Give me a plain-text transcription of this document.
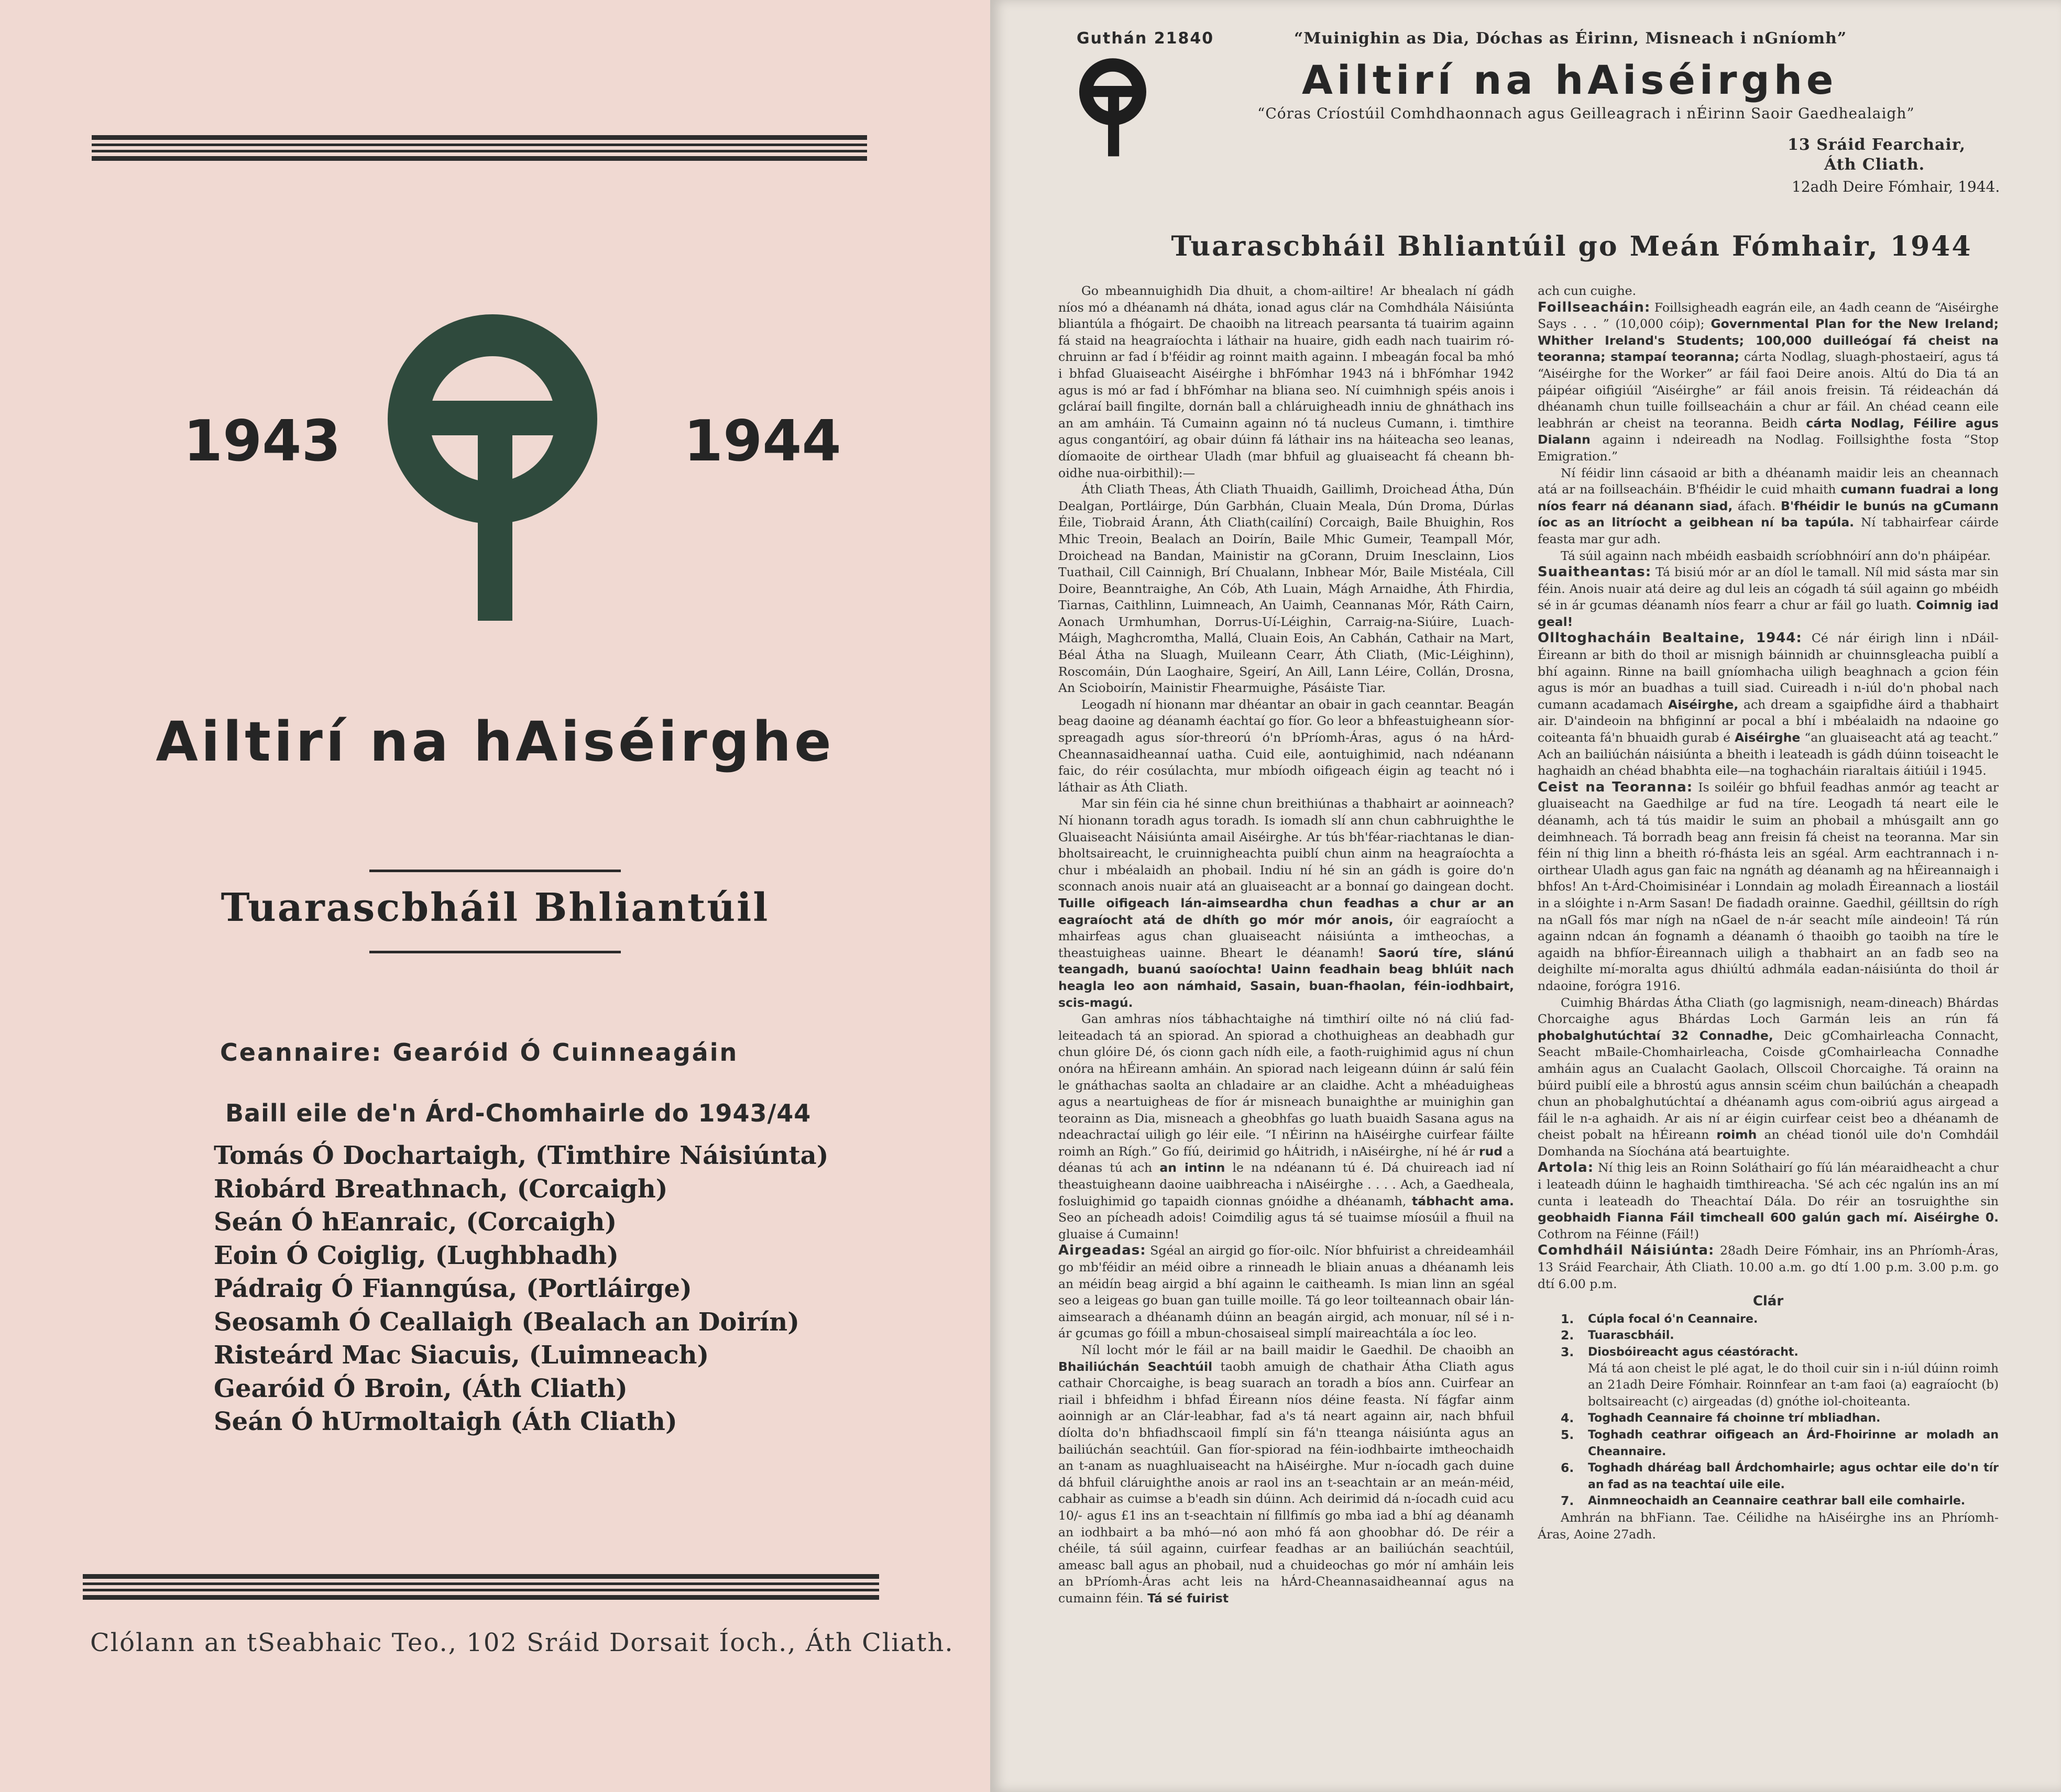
1943	1944
Ailtirí na hAiséirghe
Tuarascbháil Bhliantúil
Ceannaire: Gearóid Ó Cuinneagáin
Baill eile de'n Árd-Chomhairle do 1943/44
Tomás Ó Dochartaigh, (Timthire Náisiúnta)
Riobárd Breathnach, (Corcaigh)
Seán Ó hEanraic, (Corcaigh)
Eoin Ó Coiglig, (Lughbhadh)
Pádraig Ó Fianngúsa, (Portláirge)
Seosamh Ó Ceallaigh (Bealach an Doirín)
Risteárd Mac Siacuis, (Luimneach)
Gearóid Ó Broin, (Áth Cliath)
Seán Ó hUrmoltaigh (Áth Cliath)
Clólann an tSeabhaic Teo., 102 Sráid Dorsait Íoch., Áth Cliath.
Guthán 21840	“Muinighin as Dia, Dóchas as Éirinn, Misneach i nGníomh”
Ailtirí na hAiséirghe
“Córas Críostúil Comhdhaonnach agus Geilleagrach i nÉirinn Saoir Gaedhealaigh”
13 Sráid Fearchair,
Áth Cliath.
12adh Deire Fómhair, 1944.
Tuarascbháil Bhliantúil go Meán Fómhair, 1944

Go mbeannuighidh Dia dhuit, a chom-ailtire! Ar bhealach ní gádh níos mó a dhéanamh ná dháta, ionad agus clár na Comhdhála Náisiúnta bliantúla a fhógairt. De chaoibh na litreach pearsanta tá tuairim againn fá staid na heagraíochta i láthair na huaire, gidh eadh nach tuairim ró-chruinn ar fad í b'féidir ag roinnt maith againn. I mbeagán focal ba mhó i bhfad Gluaiseacht Aiséirghe i bhFómhar 1943 ná i bhFómhar 1942 agus is mó ar fad í bhFómhar na bliana seo. Ní cuimhnigh spéis anois i gcláraí baill fingilte, dornán ball a chláruigheadh inniu de ghnáthach ins an am amháin. Tá Cumainn againn nó tá nucleus Cumann, i. timthire agus congantóirí, ag obair dúinn fá láthair ins na háiteacha seo leanas, díomaoite de oirthear Uladh (mar bhfuil ag gluaiseacht fá cheann bh-oidhe nua-oirbithil):—

Áth Cliath Theas, Áth Cliath Thuaidh, Gaillimh, Droichead Átha, Dún Dealgan, Portláirge, Dún Garbhán, Cluain Meala, Dún Droma, Dúrlas Éile, Tiobraid Árann, Áth Cliath(cailíní) Corcaigh, Baile Bhuighin, Ros Mhic Treoin, Bealach an Doirín, Baile Mhic Gumeir, Teampall Mór, Droichead na Bandan, Mainistir na gCorann, Druim Inesclainn, Lios Tuathail, Cill Cainnigh, Brí Chualann, Inbhear Mór, Baile Mistéala, Cill Doire, Beanntraighe, An Cób, Ath Luain, Mágh Arnaidhe, Áth Fhirdia, Tiarnas, Caithlinn, Luimneach, An Uaimh, Ceannanas Mór, Ráth Cairn, Aonach Urmhumhan, Dorrus-Uí-Léighin, Carraig-na-Siúire, Luach-Máigh, Maghcromtha, Mallá, Cluain Eois, An Cabhán, Cathair na Mart, Béal Átha na Sluagh, Muileann Cearr, Áth Cliath, (Mic-Léighinn), Roscomáin, Dún Laoghaire, Sgeirí, An Aill, Lann Léire, Collán, Drosna, An Scioboirín, Mainistir Fhearmuighe, Pásáiste Tiar.

Leogadh ní hionann mar dhéantar an obair in gach ceanntar. Beagán beag daoine ag déanamh éachtaí go fíor. Go leor a bhfeastuigheann síor-spreagadh agus síor-threorú ó'n bPríomh-Áras, agus ó na hÁrd-Cheannasaidheannaí uatha. Cuid eile, aontuighimid, nach ndéanann faic, do réir cosúlachta, mur mbíodh oifigeach éigin ag teacht nó i láthair as Áth Cliath.

Mar sin féin cia hé sinne chun breithiúnas a thabhairt ar aoinneach? Ní hionann toradh agus toradh. Is iomadh slí ann chun cabhruighthe le Gluaiseacht Náisiúnta amail Aiséirghe. Ar tús bh'féar-riachtanas le dian-bholtsaireacht, le cruinnigheachta puiblí chun ainm na heagraíochta a chur i mbéalaidh an phobail. Indiu ní hé sin an gádh is goire do'n sconnach anois nuair atá an gluaiseacht ar a bonnaí go daingean docht. Tuille oifigeach lán-aimseardha chun feadhas a chur ar an eagraíocht atá de dhíth go mór mór anois, óir eagraíocht a mhairfeas agus chan gluaiseacht náisiúnta a imtheochas, a theastuigheas uainne. Bheart le déanamh! Saorú tíre, slánú teangadh, buanú saoíochta! Uainn feadhain beag bhlúit nach heagla leo aon námhaid, Sasain, buan-fhaolan, féin-iodhbairt, scis-magú.

Gan amhras níos tábhachtaighe ná timthirí oilte nó ná cliú fad-leiteadach tá an spiorad. An spiorad a chothuigheas an deabhadh gur chun glóire Dé, ós cionn gach nídh eile, a faoth-ruighimid agus ní chun onóra na hÉireann amháin. An spiorad nach leigeann dúinn ár salú féin le gnáthachas saolta an chladaire ar an claidhe. Acht a mhéaduigheas agus a neartuigheas de fíor ár misneach bunaighthe ar muinighin gan teorainn as Dia, misneach a gheobhfas go luath buaidh Sasana agus na ndeachractaí uiligh go léir eile. “I nÉirinn na hAiséirghe cuirfear fáilte roimh an Rígh.” Go fíú, deirimid go hÁitridh, i nAiséirghe, ní hé ár rud a déanas tú ach an intinn le na ndéanann tú é. Dá chuireach iad ní theastuigheann daoine uaibhreacha i nAiséirghe . . . . Ach, a Gaedheala, fosluighimid go tapaidh cionnas gnóidhe a dhéanamh, tábhacht ama. Seo an pícheadh adois! Coimdilig agus tá sé tuaimse míosúil a fhuil na gluaise á Cumainn!

Airgeadas: Sgéal an airgid go fíor-oilc. Níor bhfuirist a chreideamháil go mb'féidir an méid oibre a rinneadh le bliain anuas a dhéanamh leis an méidín beag airgid a bhí againn le caitheamh. Is mian linn an sgéal seo a leigeas go buan gan tuille moille. Tá go leor toilteannach obair lán-aimsearach a dhéanamh dúinn an beagán airgid, ach monuar, níl sé i n-ár gcumas go fóill a mbun-chosaiseal simplí maireachtála a íoc leo.

Níl locht mór le fáil ar na baill maidir le Gaedhil. De chaoibh an Bhailiúchán Seachtúil taobh amuigh de chathair Átha Cliath agus cathair Chorcaighe, is beag suarach an toradh a bíos ann. Cuirfear an riail i bhfeidhm i bhfad Éireann níos déine feasta. Ní fágfar ainm aoinnigh ar an Clár-leabhar, fad a's tá neart againn air, nach bhfuil díolta do'n bhfiadhscaoil fimplí sin fá'n tteanga náisiúnta agus an bailiúchán seachtúil. Gan fíor-spiorad na féin-iodhbairte imtheochaidh an t-anam as nuaghluaiseacht na hAiséirghe. Mur n-íocadh gach duine dá bhfuil cláruighthe anois ar raol ins an t-seachtain ar an meán-méid, cabhair as cuimse a b'eadh sin dúinn. Ach deirimid dá n-íocadh cuid acu 10/- agus £1 ins an t-seachtain ní fillfimís go mba iad a bhí ag déanamh an iodhbairt a ba mhó—nó aon mhó fá aon ghoobhar dó. De réir a chéile, tá súil againn, cuirfear feadhas ar an bailiúchán seachtúil, ameasc ball agus an phobail, nud a chuideochas go mór ní amháin leis an bPríomh-Áras acht leis na hÁrd-Cheannasaidheannaí agus na cumainn féin. Tá sé fuirist

ach cun cuighe.

Foillseacháin: Foillsigheadh eagrán eile, an 4adh ceann de “Aiséirghe Says . . . ” (10,000 cóip); Governmental Plan for the New Ireland; Whither Ireland's Students; 100,000 duilleógaí fá cheist na teoranna; stampaí teoranna; cárta Nodlag, sluagh-phostaeirí, agus tá “Aiséirghe for the Worker” ar fáil faoi Deire anois. Altú do Dia tá an páipéar oifigiúil “Aiséirghe” ar fáil anois freisin. Tá réideachán dá dhéanamh chun tuille foillseacháin a chur ar fáil. An chéad ceann eile leabhrán ar cheist na teoranna. Beidh cárta Nodlag, Féilire agus Dialann againn i ndeireadh na Nodlag. Foillsighthe fosta “Stop Emigration.”

Ní féidir linn cásaoid ar bith a dhéanamh maidir leis an cheannach atá ar na foillseacháin. B'fhéidir le cuid mhaith cumann fuadrai a long níos fearr ná déanann siad, áfach. B'fhéidir le bunús na gCumann íoc as an litríocht a geibhean ní ba tapúla. Ní tabhairfear cáirde feasta mar gur adh.

Tá súil againn nach mbéidh easbaidh scríobhnóirí ann do'n pháipéar.

Suaitheantas: Tá bisiú mór ar an díol le tamall. Níl mid sásta mar sin féin. Anois nuair atá deire ag dul leis an cógadh tá súil againn go mbéidh sé in ár gcumas déanamh níos fearr a chur ar fáil go luath. Coimnig iad geal!

Olltoghacháin Bealtaine, 1944: Cé nár éirigh linn i nDáil-Éireann ar bith do thoil ar misnigh báinnidh ar chuinnsgleacha puiblí a bhí againn. Rinne na baill gníomhacha uiligh beaghnach a gcion féin agus is mór an buadhas a tuill siad. Cuireadh i n-iúl do'n phobal nach cumann acadamach Aiséirghe, ach dream a sgaipfidhe áird a thabhairt air. D'aindeoin na bhfiginní ar pocal a bhí i mbéalaidh na ndaoine go coiteanta fá'n bhuaidh gurab é Aiséirghe “an gluaiseacht atá ag teacht.” Ach an bailiúchán náisiúnta a bheith i leateadh is gádh dúinn toiseacht le haghaidh an chéad bhabhta eile—na toghacháin riaraltais áitiúil i 1945.

Ceist na Teoranna: Is soiléir go bhfuil feadhas anmór ag teacht ar gluaiseacht na Gaedhilge ar fud na tíre. Leogadh tá neart eile le déanamh, ach tá tús maidir le suim an phobail a mhúsgailt ann go deimhneach. Tá borradh beag ann freisin fá cheist na teoranna. Mar sin féin ní thig linn a bheith ró-fhásta leis an sgéal. Arm eachtrannach i n-oirthear Uladh agus gan faic na ngnáth ag déanamh ag na hÉireannaigh i bhfos! An t-Árd-Choimisinéar i Lonndain ag moladh Éireannach a liostáil in a slóighte i n-Arm Sasan! De fiadadh orainne. Gaedhil, géilltsin do rígh na nGall fós mar nígh na nGael de n-ár seacht míle aindeoin! Tá rún againn ndcan án fognamh a déanamh ó thaoibh go taoibh na tíre le agaidh na bhfíor-Éireannach uiligh a thabhairt an an fadb seo na deighilte mí-moralta agus dhiúltú adhmála eadan-náisiúnta do thoil ár ndaoine, forógra 1916.

Cuimhig Bhárdas Átha Cliath (go lagmisnigh, neam-dineach) Bhárdas Chorcaighe agus Bhárdas Loch Garmán leis an rún fá phobalghutúchtaí 32 Connadhe, Deic gComhairleacha Connacht, Seacht mBaile-Chomhairleacha, Coisde gComhairleacha Connadhe amháin agus an Cualacht Gaolach, Ollscoil Chorcaighe. Tá orainn na búird puiblí eile a bhrostú agus annsin scéim chun bailúchán a cheapadh chun an phobalghutúchtaí a dhéanamh agus com-oibriú agus airgead a fáil le n-a aghaidh. Ar ais ní ar éigin cuirfear ceist beo a dhéanamh de cheist pobalt na hÉireann roimh an chéad tionól uile do'n Comhdáil Domhanda na Síochána atá beartuighte.

Artola: Ní thig leis an Roinn Soláthairí go fíú lán méaraidheacht a chur i leateadh dúinn le haghaidh timthireacha. 'Sé ach céc ngalún ins an mí cunta i leateadh do Theachtaí Dála. Do réir an tosruighthe sin geobhaidh Fianna Fáil timcheall 600 galún gach mí. Aiséirghe 0. Cothrom na Féinne (Fáil!)

Comhdháil Náisiúnta: 28adh Deire Fómhair, ins an Phríomh-Áras, 13 Sráid Fearchair, Áth Cliath. 10.00 a.m. go dtí 1.00 p.m. 3.00 p.m. go dtí 6.00 p.m.

Clár
1.	Cúpla focal ó'n Ceannaire.
2.	Tuarascbháil.
3.	Diosbóireacht agus céastóracht.
Má tá aon cheist le plé agat, le do thoil cuir sin i n-iúl dúinn roimh an 21adh Deire Fómhair. Roinnfear an t-am faoi (a) eagraíocht (b) boltsaireacht (c) airgeadas (d) gnóthe iol-choiteanta.
4.	Toghadh Ceannaire fá choinne trí mbliadhan.
5.	Toghadh ceathrar oifigeach an Árd-Fhoirinne ar moladh an Cheannaire.
6.	Toghadh dháréag ball Árdchomhairle; agus ochtar eile do'n tír an fad as na teachtaí uile eile.
7.	Ainmneochaidh an Ceannaire ceathrar ball eile comhairle.

Amhrán na bhFiann. Tae. Céilidhe na hAiséirghe ins an Phríomh-Áras, Aoine 27adh.
